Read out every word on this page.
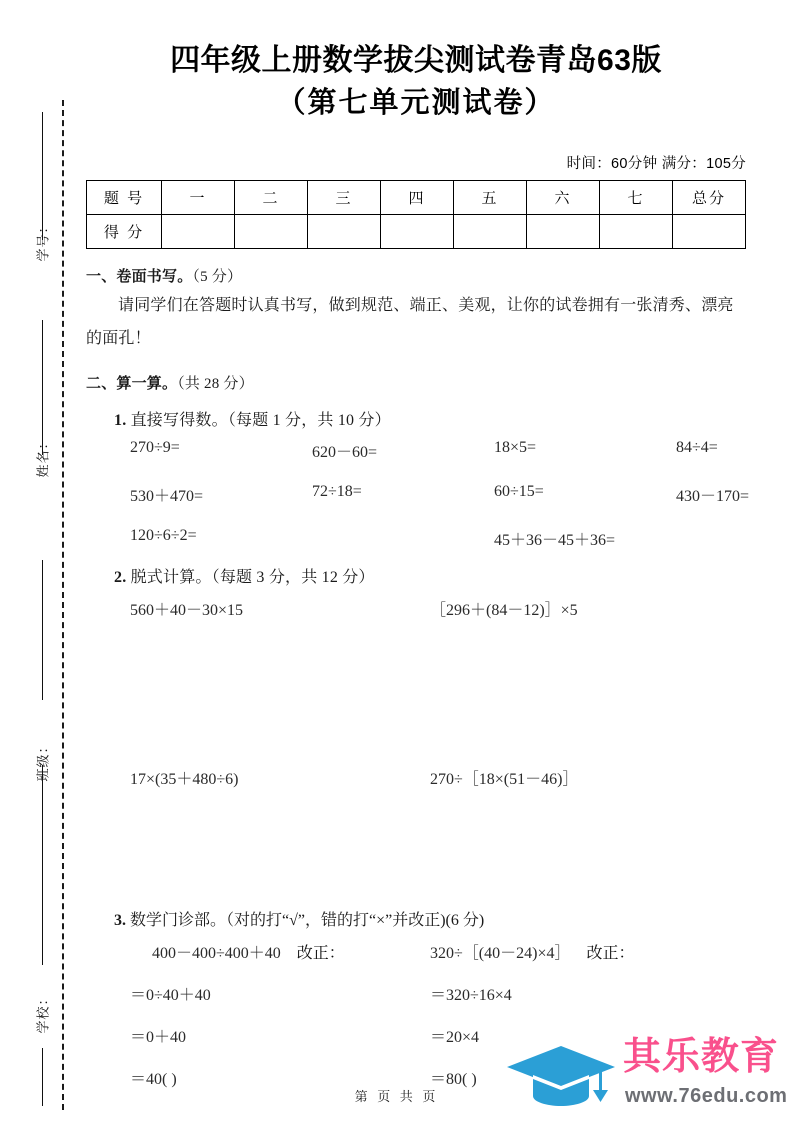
学号：
姓名：
班级：
学校：
四年级上册数学拔尖测试卷青岛63版
（第七单元测试卷）
时间：60分钟 满分：105分
题 号	一	二	三	四	五	六	七	总分
得 分								
一、卷面书写。（5 分）
请同学们在答题时认真书写，做到规范、端正、美观，让你的试卷拥有一张清秀、漂亮的面孔！
二、算一算。（共 28 分）
1. 直接写得数。（每题 1 分，共 10 分）
270÷9=	620－60=	18×5=	84÷4=
530＋470=	72÷18=	60÷15=	430－170=
120÷6÷2=	45＋36－45＋36=
2. 脱式计算。（每题 3 分，共 12 分）
560＋40－30×15	［296＋(84－12)］×5
17×(35＋480÷6)	270÷［18×(51－46)］
3. 数学门诊部。（对的打“√”，错的打“×”并改正)(6 分)
400－400÷400＋40 改正：	320÷［(40－24)×4］ 改正：
＝0÷40＋40	＝320÷16×4
＝0＋40	＝20×4
＝40( )	＝80( )
第 页 共 页
其乐教育
www.76edu.com
